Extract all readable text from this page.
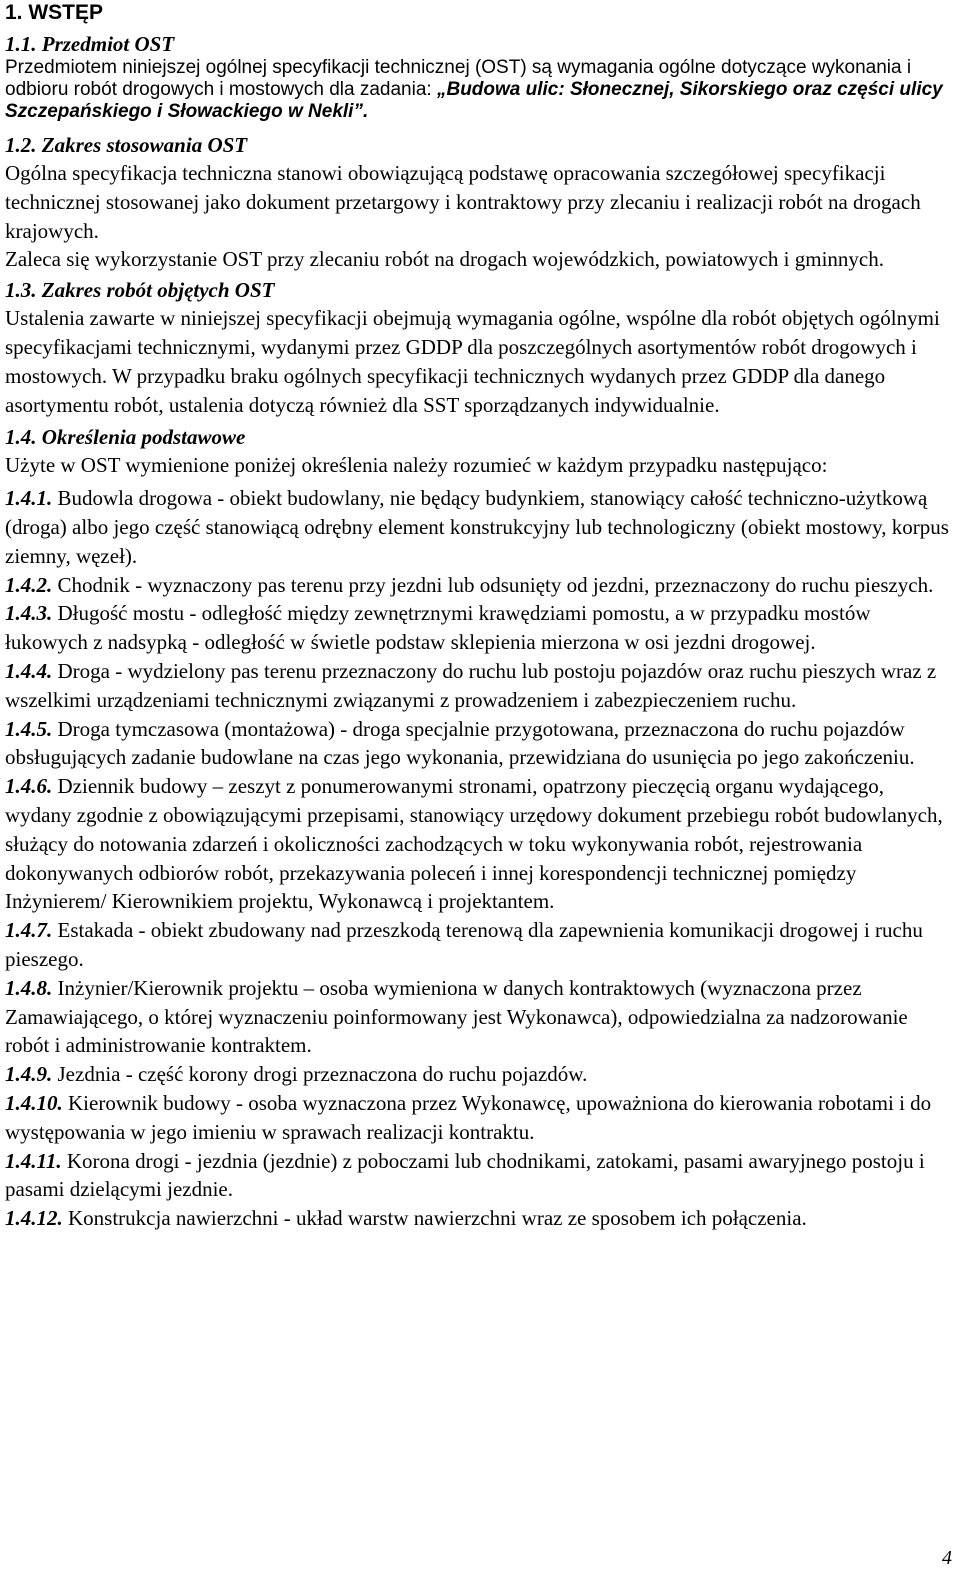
1. WSTĘP
1.1. Przedmiot OST
Przedmiotem niniejszej ogólnej specyfikacji technicznej (OST) są wymagania ogólne dotyczące wykonania i odbioru robót drogowych i mostowych dla zadania: „Budowa ulic: Słonecznej, Sikorskiego oraz części ulicy Szczepańskiego i Słowackiego w Nekli”.
1.2. Zakres stosowania OST
Ogólna specyfikacja techniczna stanowi obowiązującą podstawę opracowania szczegółowej specyfikacji technicznej stosowanej jako dokument przetargowy i kontraktowy przy zlecaniu i realizacji robót na drogach krajowych.
Zaleca się wykorzystanie OST przy zlecaniu robót na drogach wojewódzkich, powiatowych i gminnych.
1.3. Zakres robót objętych OST
Ustalenia zawarte w niniejszej specyfikacji obejmują wymagania ogólne, wspólne dla robót objętych ogólnymi specyfikacjami technicznymi, wydanymi przez GDDP dla poszczególnych asortymentów robót drogowych i mostowych. W przypadku braku ogólnych specyfikacji technicznych wydanych przez GDDP dla danego asortymentu robót, ustalenia dotyczą również dla SST sporządzanych indywidualnie.
1.4. Określenia podstawowe
Użyte w OST wymienione poniżej określenia należy rozumieć w każdym przypadku następująco:
1.4.1. Budowla drogowa - obiekt budowlany, nie będący budynkiem, stanowiący całość techniczno-użytkową (droga) albo jego część stanowiącą odrębny element konstrukcyjny lub technologiczny (obiekt mostowy, korpus ziemny, węzeł).
1.4.2. Chodnik - wyznaczony pas terenu przy jezdni lub odsunięty od jezdni, przeznaczony do ruchu pieszych.
1.4.3. Długość mostu - odległość między zewnętrznymi krawędziami pomostu, a w przypadku mostów łukowych z nadsypką - odległość w świetle podstaw sklepienia mierzona w osi jezdni drogowej.
1.4.4. Droga - wydzielony pas terenu przeznaczony do ruchu lub postoju pojazdów oraz ruchu pieszych wraz z wszelkimi urządzeniami technicznymi związanymi z prowadzeniem i zabezpieczeniem ruchu.
1.4.5. Droga tymczasowa (montażowa) - droga specjalnie przygotowana, przeznaczona do ruchu pojazdów obsługujących zadanie budowlane na czas jego wykonania, przewidziana do usunięcia po jego zakończeniu.
1.4.6. Dziennik budowy – zeszyt z ponumerowanymi stronami, opatrzony pieczęcią organu wydającego, wydany zgodnie z obowiązującymi przepisami, stanowiący urzędowy dokument przebiegu robót budowlanych, służący do notowania zdarzeń i okoliczności zachodzących w toku wykonywania robót, rejestrowania dokonywanych odbiorów robót, przekazywania poleceń i innej korespondencji technicznej pomiędzy Inżynierem/ Kierownikiem projektu, Wykonawcą i projektantem.
1.4.7. Estakada - obiekt zbudowany nad przeszkodą terenową dla zapewnienia komunikacji drogowej i ruchu pieszego.
1.4.8. Inżynier/Kierownik projektu – osoba wymieniona w danych kontraktowych (wyznaczona przez Zamawiającego, o której wyznaczeniu poinformowany jest Wykonawca), odpowiedzialna za nadzorowanie robót i administrowanie kontraktem.
1.4.9. Jezdnia - część korony drogi przeznaczona do ruchu pojazdów.
1.4.10. Kierownik budowy - osoba wyznaczona przez Wykonawcę, upoważniona do kierowania robotami i do występowania w jego imieniu w sprawach realizacji kontraktu.
1.4.11. Korona drogi - jezdnia (jezdnie) z poboczami lub chodnikami, zatokami, pasami awaryjnego postoju i pasami dzielącymi jezdnie.
1.4.12. Konstrukcja nawierzchni - układ warstw nawierzchni wraz ze sposobem ich połączenia.
4
